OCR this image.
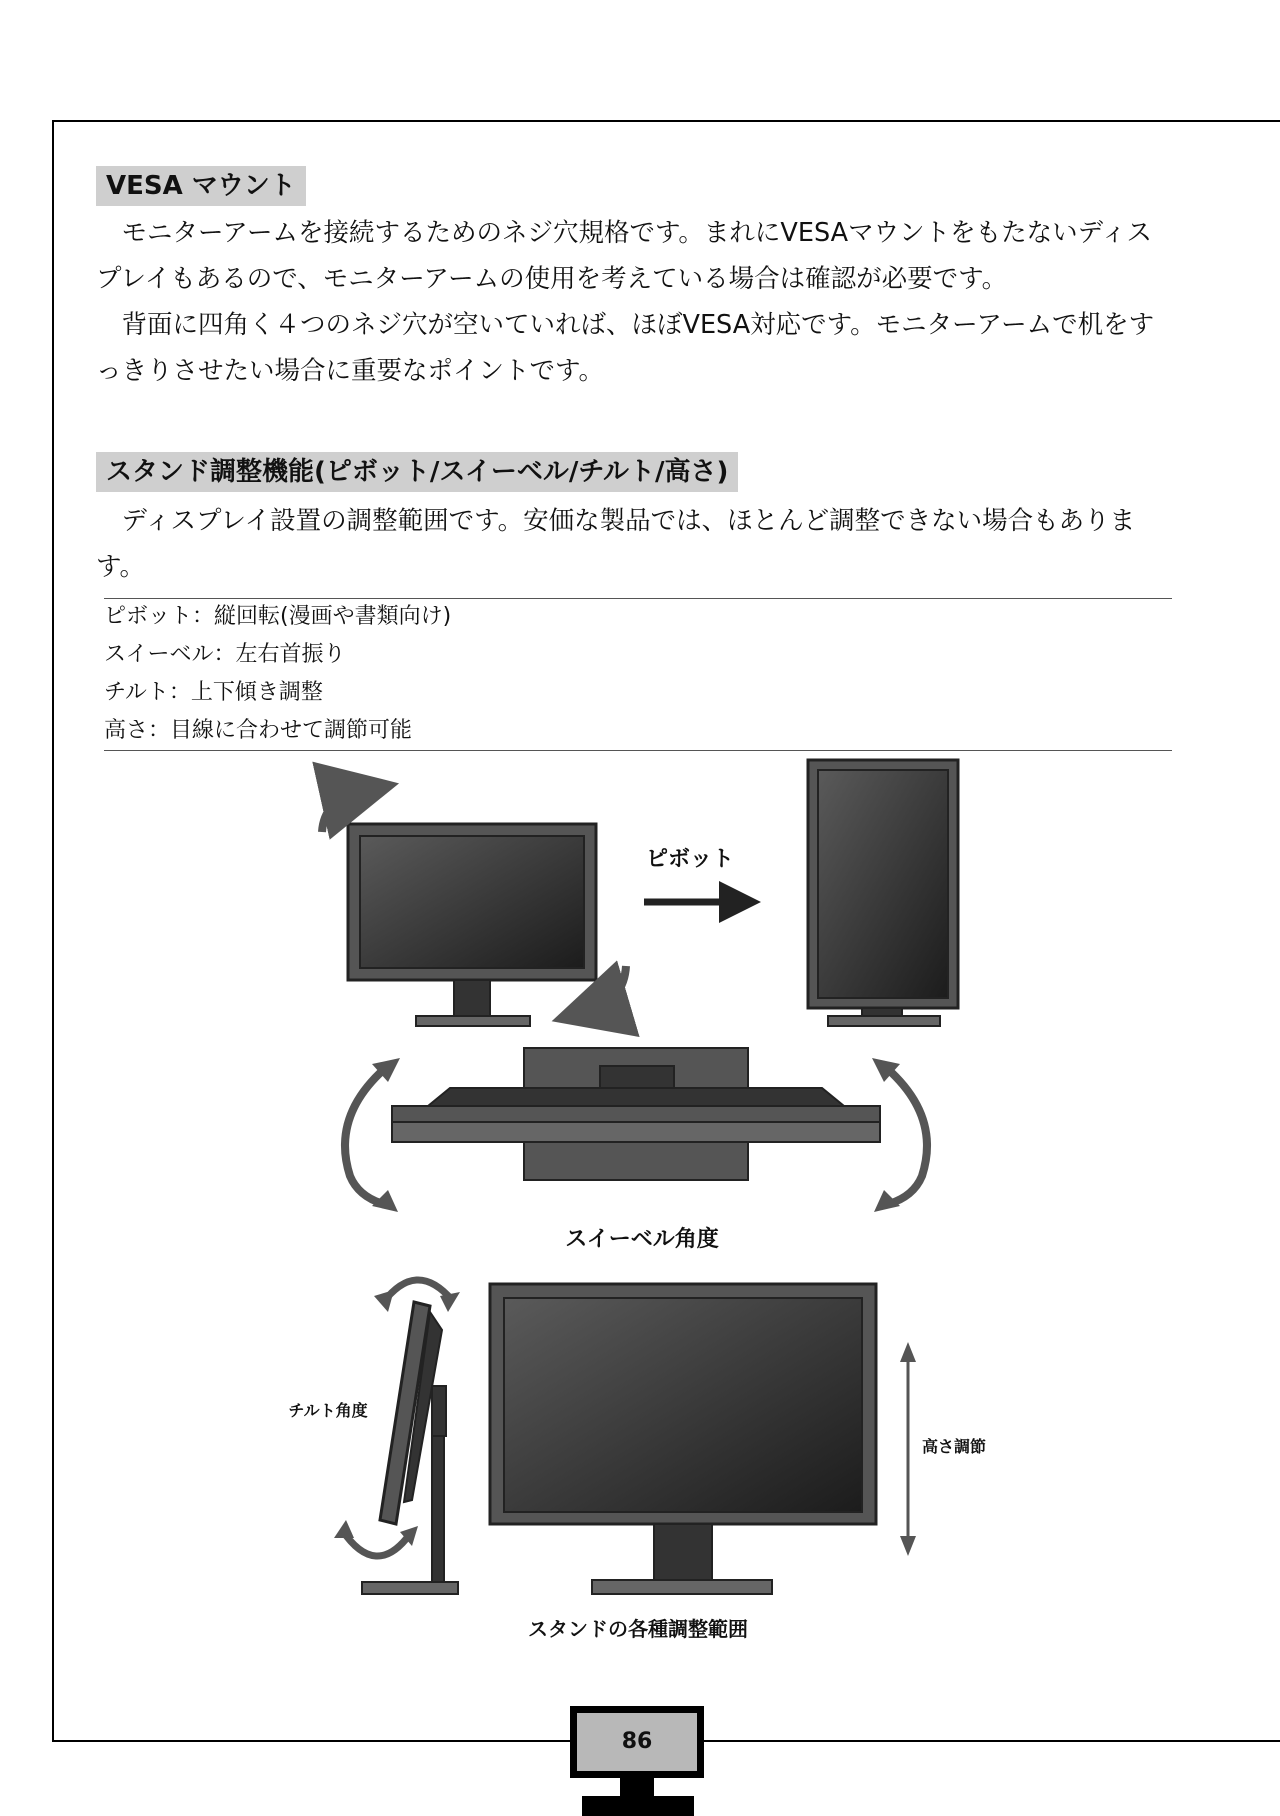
VESA マウント

モニターアームを接続するためのネジ穴規格です。まれにVESAマウントをもたないディスプレイもあるので、モニターアームの使用を考えている場合は確認が必要です。

背面に四角く４つのネジ穴が空いていれば、ほぼVESA対応です。モニターアームで机をすっきりさせたい場合に重要なポイントです。

スタンド調整機能(ピボット/スイーベル/チルト/高さ)

ディスプレイ設置の調整範囲です。安価な製品では、ほとんど調整できない場合もあります。

ピボット：縦回転(漫画や書類向け)
スイーベル：左右首振り
チルト：上下傾き調整
高さ：目線に合わせて調節可能
ピボット
スイーベル角度
チルト角度
高さ調節
スタンドの各種調整範囲
86
